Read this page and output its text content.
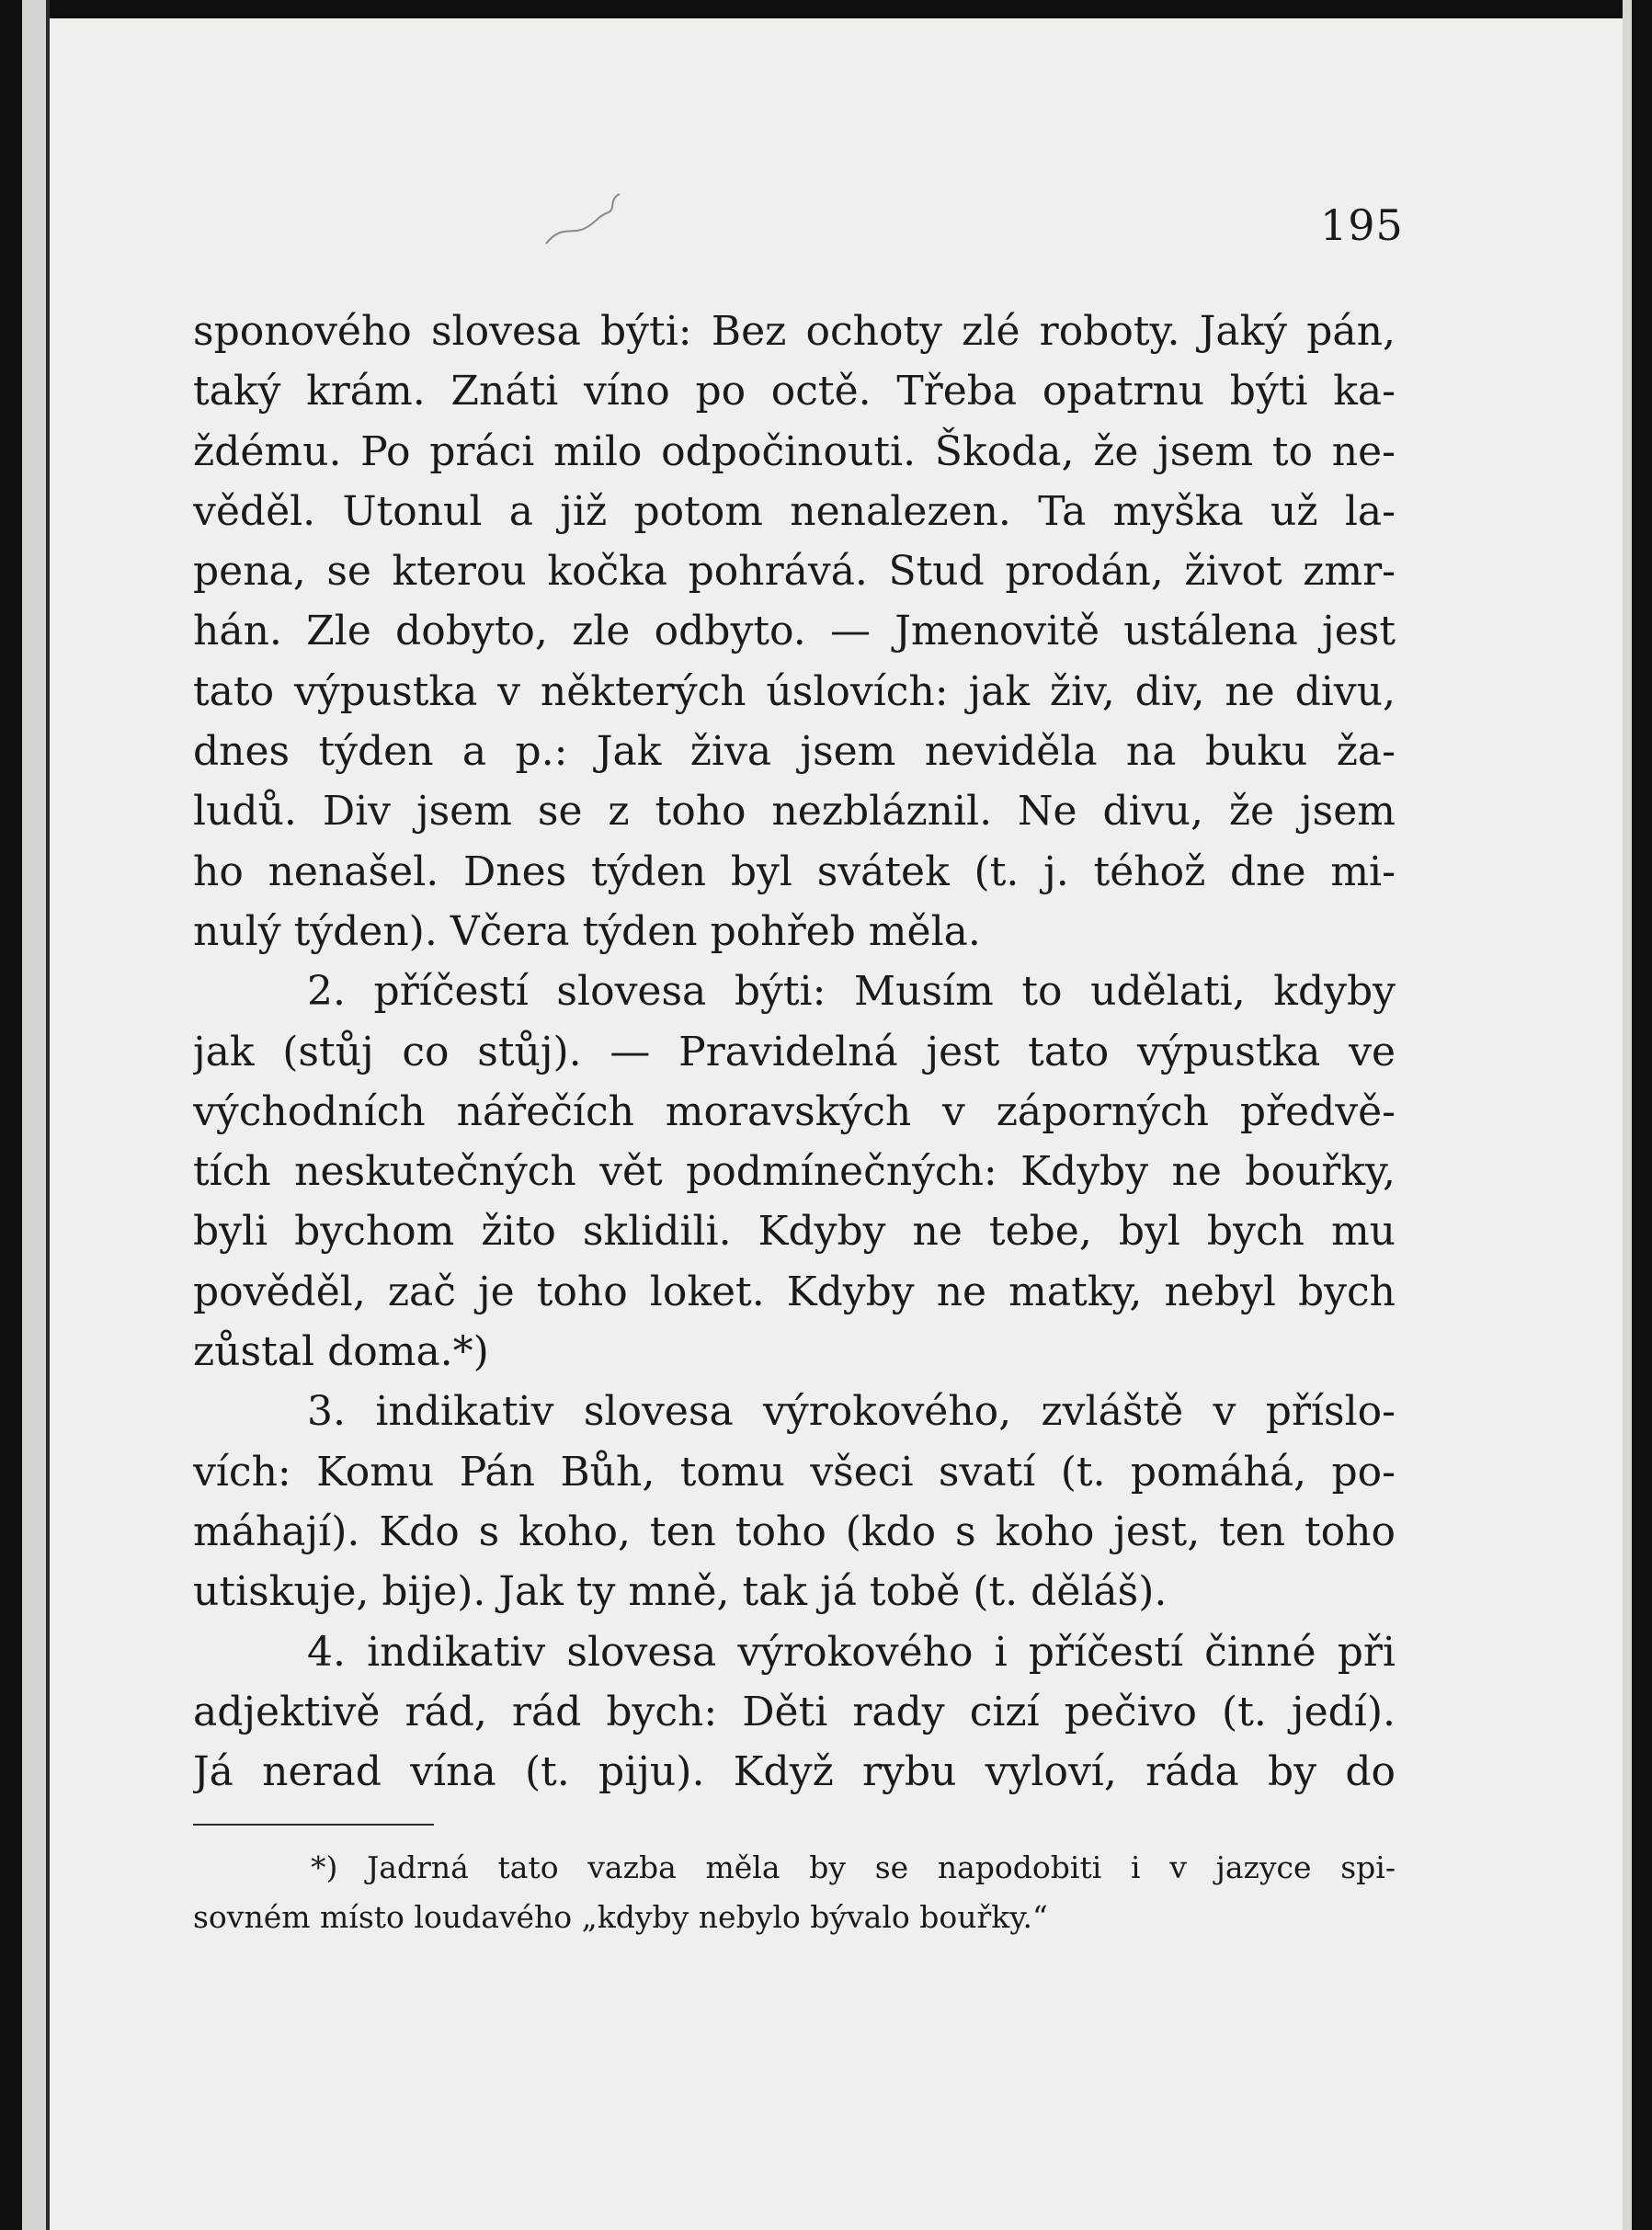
195
sponového slovesa býti: Bez ochoty zlé roboty. Jaký pán,
taký krám. Znáti víno po octě. Třeba opatrnu býti ka-
ždému. Po práci milo odpočinouti. Škoda, že jsem to ne-
věděl. Utonul a již potom nenalezen. Ta myška už la-
pena, se kterou kočka pohrává. Stud prodán, život zmr-
hán. Zle dobyto, zle odbyto. — Jmenovitě ustálena jest
tato výpustka v některých úslovích: jak živ, div, ne divu,
dnes týden a p.: Jak živa jsem neviděla na buku ža-
ludů. Div jsem se z toho nezbláznil. Ne divu, že jsem
ho nenašel. Dnes týden byl svátek (t. j. téhož dne mi-
nulý týden). Včera týden pohřeb měla.
2. příčestí slovesa býti: Musím to udělati, kdyby
jak (stůj co stůj). — Pravidelná jest tato výpustka ve
východních nářečích moravských v záporných předvě-
tích neskutečných vět podmínečných: Kdyby ne bouřky,
byli bychom žito sklidili. Kdyby ne tebe, byl bych mu
pověděl, zač je toho loket. Kdyby ne matky, nebyl bych
zůstal doma.*)
3. indikativ slovesa výrokového, zvláště v příslo-
vích: Komu Pán Bůh, tomu všeci svatí (t. pomáhá, po-
máhají). Kdo s koho, ten toho (kdo s koho jest, ten toho
utiskuje, bije). Jak ty mně, tak já tobě (t. děláš).
4. indikativ slovesa výrokového i příčestí činné při
adjektivě rád, rád bych: Děti rady cizí pečivo (t. jedí).
Já nerad vína (t. piju). Když rybu vyloví, ráda by do
*) Jadrná tato vazba měla by se napodobiti i v jazyce spi-
sovném místo loudavého „kdyby nebylo bývalo bouřky.“
